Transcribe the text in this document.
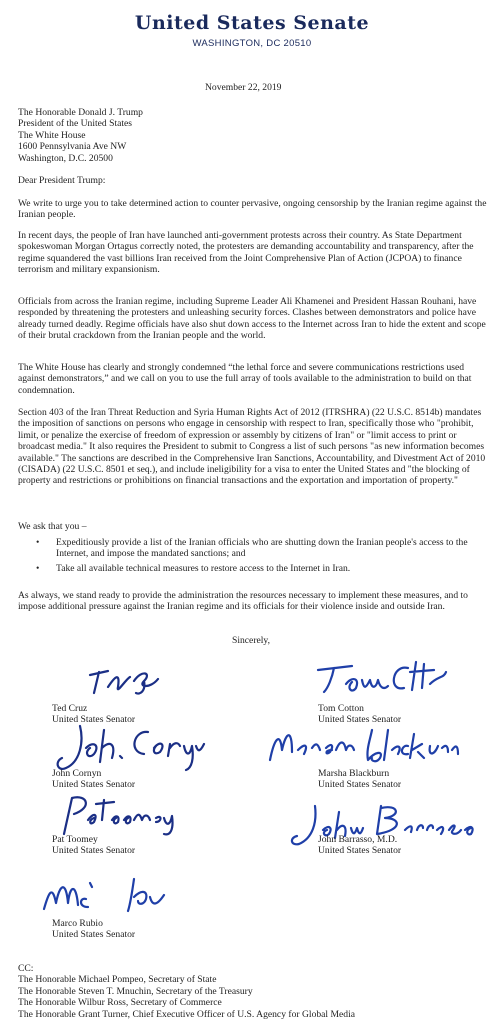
United States Senate
WASHINGTON, DC 20510
November 22, 2019
The Honorable Donald J. Trump
President of the United States
The White House
1600 Pennsylvania Ave NW
Washington, D.C. 20500
Dear President Trump:
We write to urge you to take determined action to counter pervasive, ongoing censorship by the Iranian regime against the Iranian people.
In recent days, the people of Iran have launched anti-government protests across their country. As State Department spokeswoman Morgan Ortagus correctly noted, the protesters are demanding accountability and transparency, after the regime squandered the vast billions Iran received from the Joint Comprehensive Plan of Action (JCPOA) to finance terrorism and military expansionism.
Officials from across the Iranian regime, including Supreme Leader Ali Khamenei and President Hassan Rouhani, have responded by threatening the protesters and unleashing security forces. Clashes between demonstrators and police have already turned deadly. Regime officials have also shut down access to the Internet across Iran to hide the extent and scope of their brutal crackdown from the Iranian people and the world.
The White House has clearly and strongly condemned “the lethal force and severe communications restrictions used against demonstrators,” and we call on you to use the full array of tools available to the administration to build on that condemnation.
Section 403 of the Iran Threat Reduction and Syria Human Rights Act of 2012 (ITRSHRA) (22 U.S.C. 8514b) mandates the imposition of sanctions on persons who engage in censorship with respect to Iran, specifically those who "prohibit, limit, or penalize the exercise of freedom of expression or assembly by citizens of Iran" or "limit access to print or broadcast media." It also requires the President to submit to Congress a list of such persons "as new information becomes available." The sanctions are described in the Comprehensive Iran Sanctions, Accountability, and Divestment Act of 2010 (CISADA) (22 U.S.C. 8501 et seq.), and include ineligibility for a visa to enter the United States and "the blocking of property and restrictions or prohibitions on financial transactions and the exportation and importation of property."
We ask that you –
• Expeditiously provide a list of the Iranian officials who are shutting down the Iranian people's access to the Internet, and impose the mandated sanctions; and
• Take all available technical measures to restore access to the Internet in Iran.
As always, we stand ready to provide the administration the resources necessary to implement these measures, and to impose additional pressure against the Iranian regime and its officials for their violence inside and outside Iran.
Sincerely,
Ted Cruz
United States Senator
Tom Cotton
United States Senator
John Cornyn
United States Senator
Marsha Blackburn
United States Senator
Pat Toomey
United States Senator
John Barrasso, M.D.
United States Senator
Marco Rubio
United States Senator
CC:
The Honorable Michael Pompeo, Secretary of State
The Honorable Steven T. Mnuchin, Secretary of the Treasury
The Honorable Wilbur Ross, Secretary of Commerce
The Honorable Grant Turner, Chief Executive Officer of U.S. Agency for Global Media
